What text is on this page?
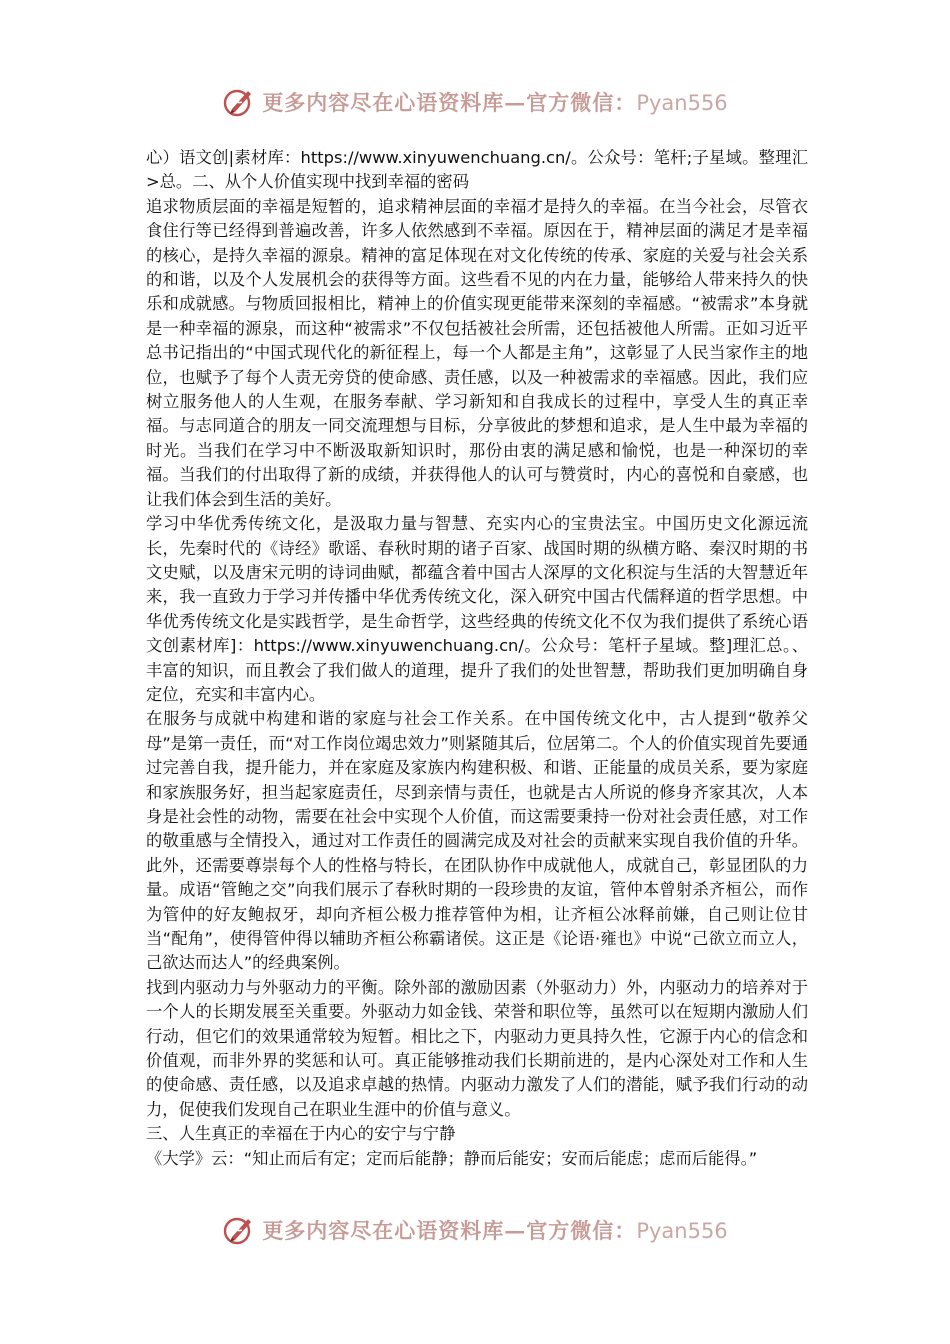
更多内容尽在心语资料库—官方微信：Pyan556

心）语文创|素材库：https://www.xinyuwenchuang.cn/。公众号：笔杆;子星域。整理汇>总。二、从个人价值实现中找到幸福的密码

追求物质层面的幸福是短暂的，追求精神层面的幸福才是持久的幸福。在当今社会，尽管衣食住行等已经得到普遍改善，许多人依然感到不幸福。原因在于，精神层面的满足才是幸福的核心，是持久幸福的源泉。精神的富足体现在对文化传统的传承、家庭的关爱与社会关系的和谐，以及个人发展机会的获得等方面。这些看不见的内在力量，能够给人带来持久的快乐和成就感。与物质回报相比，精神上的价值实现更能带来深刻的幸福感。“被需求”本身就是一种幸福的源泉，而这种“被需求”不仅包括被社会所需，还包括被他人所需。正如习近平总书记指出的“中国式现代化的新征程上，每一个人都是主角”，这彰显了人民当家作主的地位，也赋予了每个人责无旁贷的使命感、责任感，以及一种被需求的幸福感。因此，我们应树立服务他人的人生观，在服务奉献、学习新知和自我成长的过程中，享受人生的真正幸福。与志同道合的朋友一同交流理想与目标，分享彼此的梦想和追求，是人生中最为幸福的时光。当我们在学习中不断汲取新知识时，那份由衷的满足感和愉悦，也是一种深切的幸福。当我们的付出取得了新的成绩，并获得他人的认可与赞赏时，内心的喜悦和自豪感，也让我们体会到生活的美好。

学习中华优秀传统文化，是汲取力量与智慧、充实内心的宝贵法宝。中国历史文化源远流长，先秦时代的《诗经》歌谣、春秋时期的诸子百家、战国时期的纵横方略、秦汉时期的书文史赋，以及唐宋元明的诗词曲赋，都蕴含着中国古人深厚的文化积淀与生活的大智慧近年来，我一直致力于学习并传播中华优秀传统文化，深入研究中国古代儒释道的哲学思想。中华优秀传统文化是实践哲学，是生命哲学，这些经典的传统文化不仅为我们提供了系统心语文创素材库]：https://www.xinyuwenchuang.cn/。公众号：笔杆子星域。整]理汇总。、丰富的知识，而且教会了我们做人的道理，提升了我们的处世智慧，帮助我们更加明确自身定位，充实和丰富内心。

在服务与成就中构建和谐的家庭与社会工作关系。在中国传统文化中，古人提到“敬养父母”是第一责任，而“对工作岗位竭忠效力”则紧随其后，位居第二。个人的价值实现首先要通过完善自我，提升能力，并在家庭及家族内构建积极、和谐、正能量的成员关系，要为家庭和家族服务好，担当起家庭责任，尽到亲情与责任，也就是古人所说的修身齐家其次，人本身是社会性的动物，需要在社会中实现个人价值，而这需要秉持一份对社会责任感，对工作的敬重感与全情投入，通过对工作责任的圆满完成及对社会的贡献来实现自我价值的升华。此外，还需要尊崇每个人的性格与特长，在团队协作中成就他人，成就自己，彰显团队的力量。成语“管鲍之交”向我们展示了春秋时期的一段珍贵的友谊，管仲本曾射杀齐桓公，而作为管仲的好友鲍叔牙，却向齐桓公极力推荐管仲为相，让齐桓公冰释前嫌，自己则让位甘当“配角”，使得管仲得以辅助齐桓公称霸诸侯。这正是《论语·雍也》中说“己欲立而立人，己欲达而达人”的经典案例。

找到内驱动力与外驱动力的平衡。除外部的激励因素（外驱动力）外，内驱动力的培养对于一个人的长期发展至关重要。外驱动力如金钱、荣誉和职位等，虽然可以在短期内激励人们行动，但它们的效果通常较为短暂。相比之下，内驱动力更具持久性，它源于内心的信念和价值观，而非外界的奖惩和认可。真正能够推动我们长期前进的，是内心深处对工作和人生的使命感、责任感，以及追求卓越的热情。内驱动力激发了人们的潜能，赋予我们行动的动力，促使我们发现自己在职业生涯中的价值与意义。

三、人生真正的幸福在于内心的安宁与宁静

《大学》云：“知止而后有定；定而后能静；静而后能安；安而后能虑；虑而后能得。”

更多内容尽在心语资料库—官方微信：Pyan556
